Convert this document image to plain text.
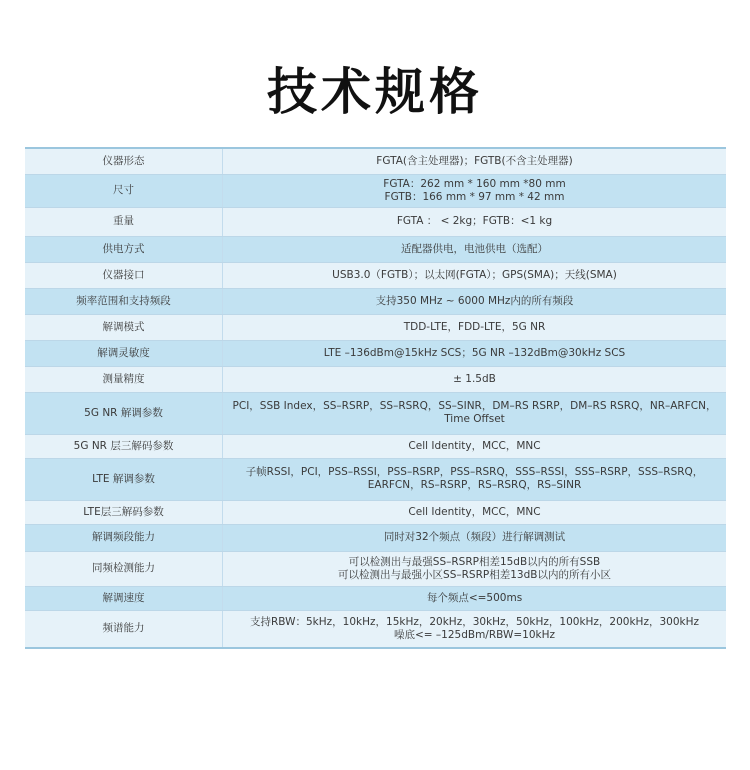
技术规格
仪器形态	FGTA(含主处理器)；FGTB(不含主处理器)

尺寸	FGTA：262 mm * 160 mm *80 mm
FGTB：166 mm * 97 mm * 42 mm

重量	FGTA ： < 2kg；FGTB：<1 kg

供电方式	适配器供电，电池供电（选配）

仪器接口	USB3.0（FGTB）；以太网(FGTA）；GPS(SMA)；天线(SMA)

频率范围和支持频段	支持350 MHz ~ 6000 MHz内的所有频段

解调模式	TDD-LTE，FDD-LTE，5G NR

解调灵敏度	LTE –136dBm@15kHz SCS；5G NR –132dBm@30kHz SCS

测量精度	± 1.5dB

5G NR 解调参数	PCI，SSB Index，SS–RSRP，SS–RSRQ，SS–SINR，DM–RS RSRP，DM–RS RSRQ，NR–ARFCN，Time Offset

5G NR 层三解码参数	Cell Identity，MCC，MNC

LTE 解调参数	子帧RSSI，PCI，PSS–RSSI，PSS–RSRP，PSS–RSRQ，SSS–RSSI，SSS–RSRP，SSS–RSRQ，EARFCN，RS–RSRP，RS–RSRQ，RS–SINR

LTE层三解码参数	Cell Identity，MCC，MNC

解调频段能力	同时对32个频点（频段）进行解调测试

同频检测能力	可以检测出与最强SS–RSRP相差15dB以内的所有SSB
可以检测出与最强小区SS–RSRP相差13dB以内的所有小区

解调速度	每个频点<=500ms

频谱能力	支持RBW：5kHz，10kHz，15kHz，20kHz，30kHz，50kHz，100kHz，200kHz，300kHz
噪底<= –125dBm/RBW=10kHz
